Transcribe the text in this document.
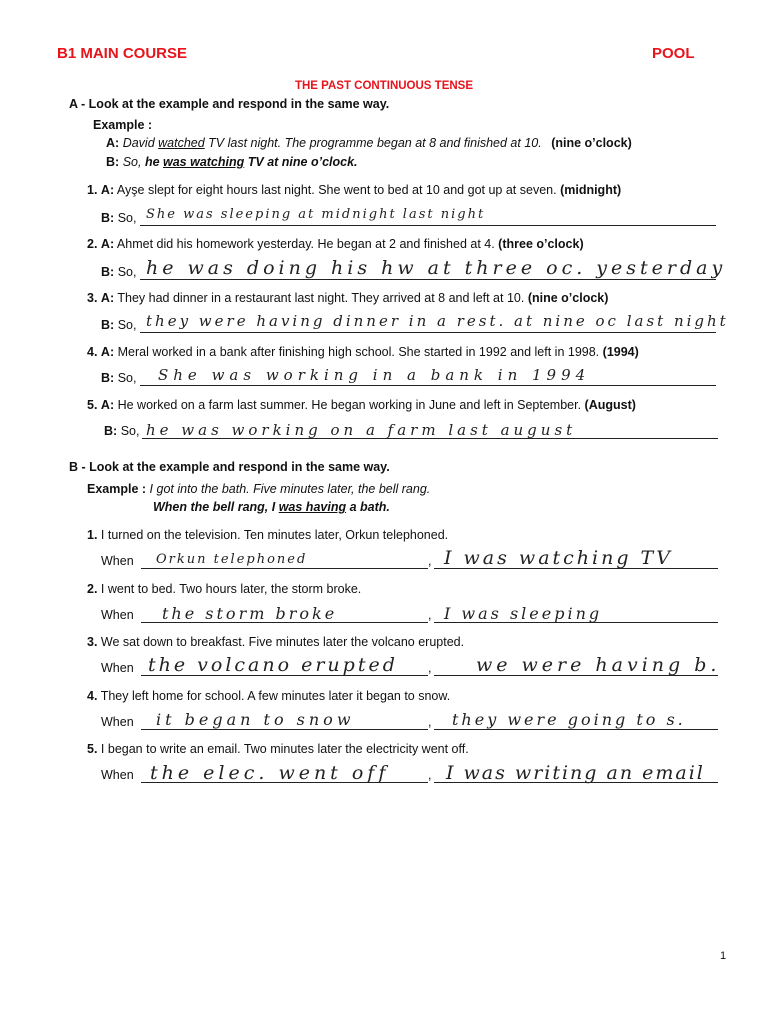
B1 MAIN COURSE	POOL
THE PAST CONTINUOUS TENSE
A - Look at the example and respond in the same way.
Example :
A: David watched TV last night. The programme began at 8 and finished at 10. (nine o’clock)
B: So, he was watching TV at nine o’clock.
1. A: Ayşe slept for eight hours last night. She went to bed at 10 and got up at seven. (midnight)
B: So, She was sleeping at midnight last night
2. A: Ahmet did his homework yesterday. He began at 2 and finished at 4. (three o’clock)
B: So, he was doing his hw at three oc. yesterday
3. A: They had dinner in a restaurant last night. They arrived at 8 and left at 10. (nine o’clock)
B: So, they were having dinner in a rest. at nine oc last night
4. A: Meral worked in a bank after finishing high school. She started in 1992 and left in 1998. (1994)
B: So, She was working in a bank in 1994
5. A: He worked on a farm last summer. He began working in June and left in September. (August)
B: So, he was working on a farm last august
B - Look at the example and respond in the same way.
Example : I got into the bath. Five minutes later, the bell rang.
When the bell rang, I was having a bath.
1. I turned on the television. Ten minutes later, Orkun telephoned.
When	,
Orkun telephoned	I was watching TV
2. I went to bed. Two hours later, the storm broke.
When	,
the storm broke	I was sleeping
3. We sat down to breakfast. Five minutes later the volcano erupted.
When	,
the volcano erupted	we were having b.
4. They left home for school. A few minutes later it began to snow.
When	,
it began to snow	they were going to s.
5. I began to write an email. Two minutes later the electricity went off.
When	,
the elec. went off	I was writing an email
1
